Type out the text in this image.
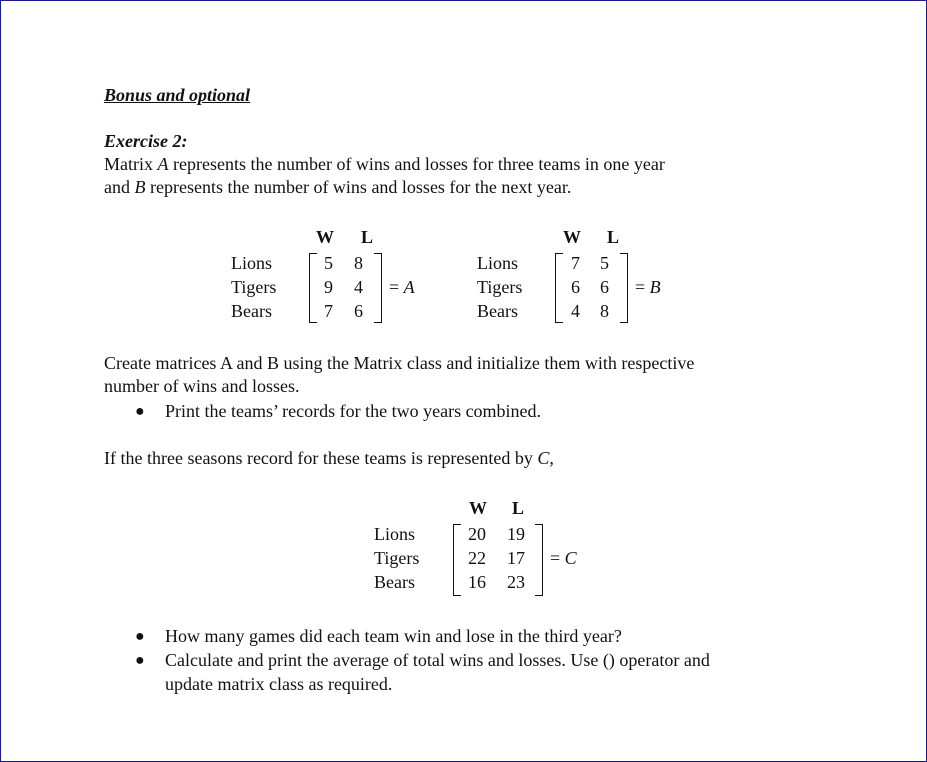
Bonus and optional
Exercise 2:
Matrix A represents the number of wins and losses for three teams in one year
and B represents the number of wins and losses for the next year.
W L
Lions
Tigers
Bears
5 8
9 4
7 6
= A
W L
Lions
Tigers
Bears
7 5
6 6
4 8
= B
Create matrices A and B using the Matrix class and initialize them with respective
number of wins and losses.
● Print the teams’ records for the two years combined.
If the three seasons record for these teams is represented by C,
W L
Lions
Tigers
Bears
20 19
22 17
16 23
= C
● How many games did each team win and lose in the third year?
● Calculate and print the average of total wins and losses. Use () operator and
update matrix class as required.
